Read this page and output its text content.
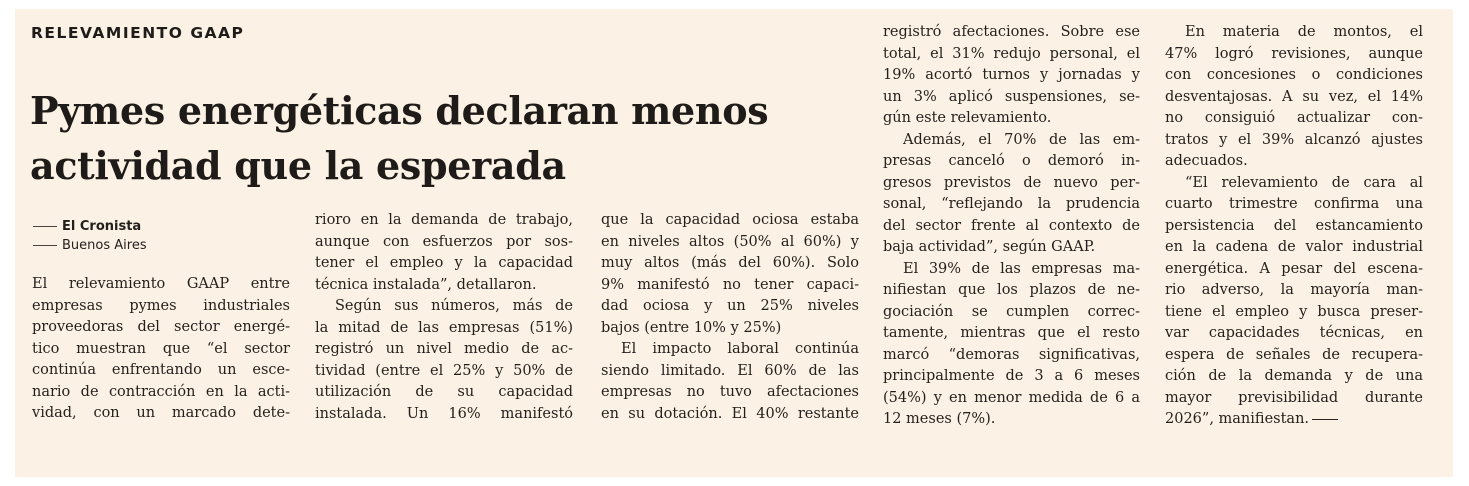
RELEVAMIENTO GAAP
Pymes energéticas declaran menos
actividad que la esperada
El Cronista
Buenos Aires
El relevamiento GAAP entre
empresas pymes industriales
proveedoras del sector energé-
tico muestran que “el sector
continúa enfrentando un esce-
nario de contracción en la acti-
vidad, con un marcado dete-
rioro en la demanda de trabajo,
aunque con esfuerzos por sos-
tener el empleo y la capacidad
técnica instalada”, detallaron.
Según sus números, más de
la mitad de las empresas (51%)
registró un nivel medio de ac-
tividad (entre el 25% y 50% de
utilización de su capacidad
instalada. Un 16% manifestó
que la capacidad ociosa estaba
en niveles altos (50% al 60%) y
muy altos (más del 60%). Solo
9% manifestó no tener capaci-
dad ociosa y un 25% niveles
bajos (entre 10% y 25%)
El impacto laboral continúa
siendo limitado. El 60% de las
empresas no tuvo afectaciones
en su dotación. El 40% restante
registró afectaciones. Sobre ese
total, el 31% redujo personal, el
19% acortó turnos y jornadas y
un 3% aplicó suspensiones, se-
gún este relevamiento.
Además, el 70% de las em-
presas canceló o demoró in-
gresos previstos de nuevo per-
sonal, “reflejando la prudencia
del sector frente al contexto de
baja actividad”, según GAAP.
El 39% de las empresas ma-
nifiestan que los plazos de ne-
gociación se cumplen correc-
tamente, mientras que el resto
marcó “demoras significativas,
principalmente de 3 a 6 meses
(54%) y en menor medida de 6 a
12 meses (7%).
En materia de montos, el
47% logró revisiones, aunque
con concesiones o condiciones
desventajosas. A su vez, el 14%
no consiguió actualizar con-
tratos y el 39% alcanzó ajustes
adecuados.
“El relevamiento de cara al
cuarto trimestre confirma una
persistencia del estancamiento
en la cadena de valor industrial
energética. A pesar del escena-
rio adverso, la mayoría man-
tiene el empleo y busca preser-
var capacidades técnicas, en
espera de señales de recupera-
ción de la demanda y de una
mayor previsibilidad durante
2026”, manifiestan.
